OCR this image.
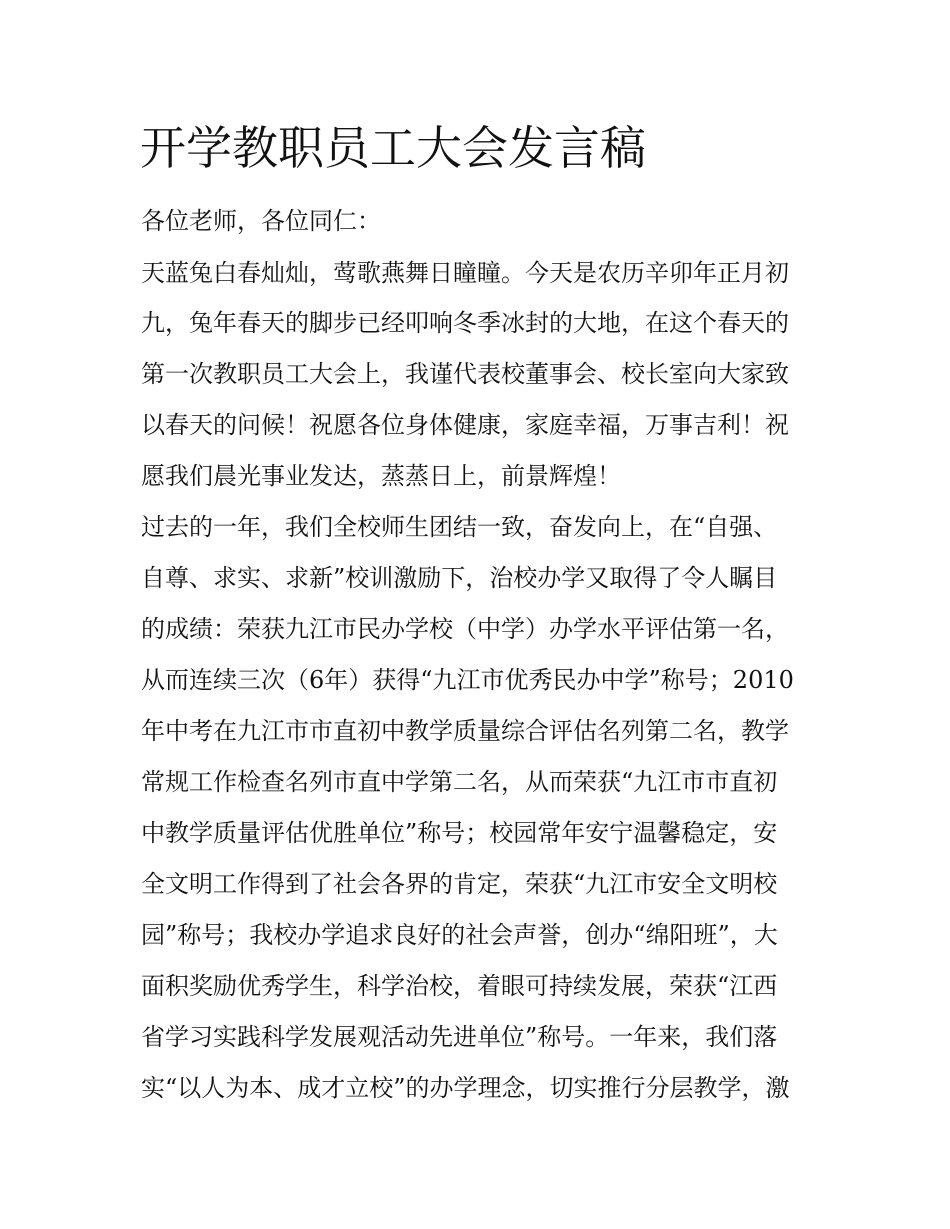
开学教职员工大会发言稿

各位老师，各位同仁：

天蓝兔白春灿灿，莺歌燕舞日瞳瞳。今天是农历辛卯年正月初

九，兔年春天的脚步已经叩响冬季冰封的大地，在这个春天的

第一次教职员工大会上，我谨代表校董事会、校长室向大家致

以春天的问候！祝愿各位身体健康，家庭幸福，万事吉利！祝

愿我们晨光事业发达，蒸蒸日上，前景辉煌！

过去的一年，我们全校师生团结一致，奋发向上，在“自强、

自尊、求实、求新”校训激励下，治校办学又取得了令人瞩目

的成绩：荣获九江市民办学校（中学）办学水平评估第一名，

从而连续三次（6年）获得“九江市优秀民办中学”称号；2010

年中考在九江市市直初中教学质量综合评估名列第二名，教学

常规工作检查名列市直中学第二名，从而荣获“九江市市直初

中教学质量评估优胜单位”称号；校园常年安宁温馨稳定，安

全文明工作得到了社会各界的肯定，荣获“九江市安全文明校

园”称号；我校办学追求良好的社会声誉，创办“绵阳班”，大

面积奖励优秀学生，科学治校，着眼可持续发展，荣获“江西

省学习实践科学发展观活动先进单位”称号。一年来，我们落

实“以人为本、成才立校”的办学理念，切实推行分层教学，激
